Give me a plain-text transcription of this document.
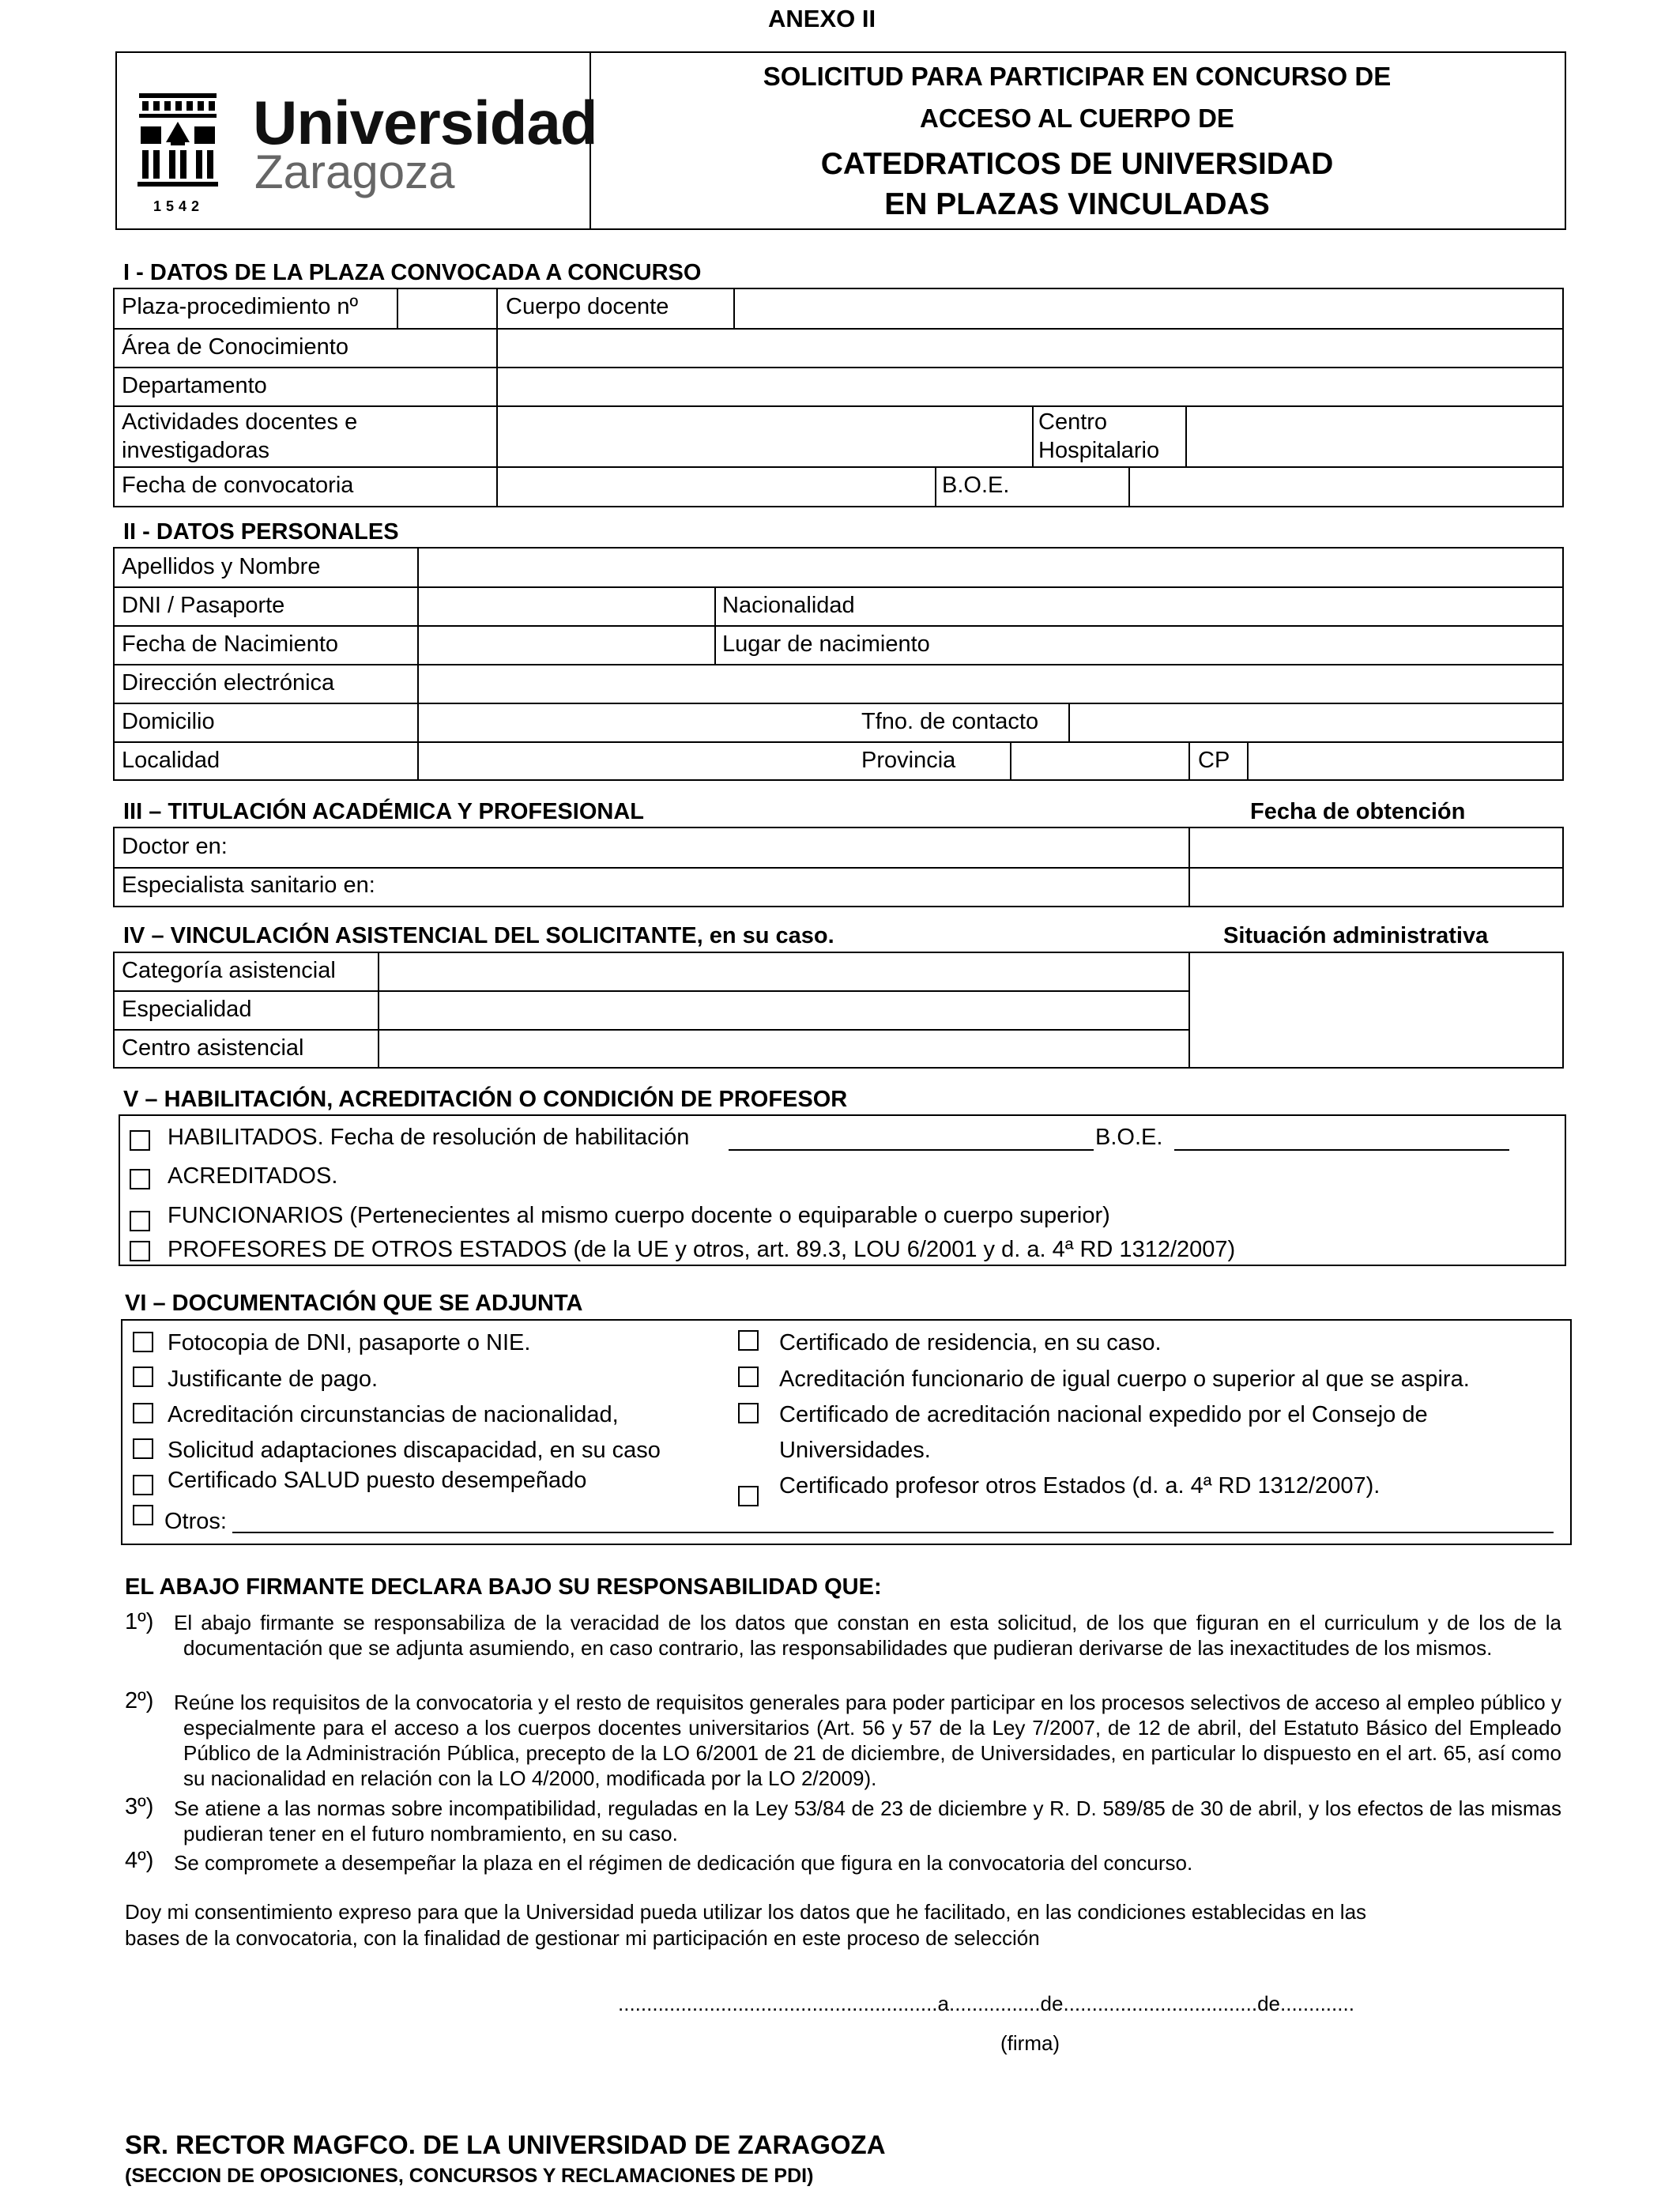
ANEXO II
Universidad
Zaragoza
1542
SOLICITUD PARA PARTICIPAR EN CONCURSO DE
ACCESO AL CUERPO DE
CATEDRATICOS DE UNIVERSIDAD
EN PLAZAS VINCULADAS
I - DATOS DE LA PLAZA CONVOCADA A CONCURSO
Plaza-procedimiento nº	Cuerpo docente
Área de Conocimiento
Departamento
Actividades docentes e
investigadoras
Centro
Hospitalario
Fecha de convocatoria	B.O.E.
II - DATOS PERSONALES
Apellidos y Nombre
DNI / Pasaporte	Nacionalidad
Fecha de Nacimiento	Lugar de nacimiento
Dirección electrónica
Domicilio	Tfno. de contacto
Localidad	Provincia	CP
III – TITULACIÓN ACADÉMICA Y PROFESIONAL	Fecha de obtención
Doctor en:
Especialista sanitario en:
IV – VINCULACIÓN ASISTENCIAL DEL SOLICITANTE, en su caso.	Situación administrativa
Categoría asistencial
Especialidad
Centro asistencial
V – HABILITACIÓN, ACREDITACIÓN O CONDICIÓN DE PROFESOR
HABILITADOS. Fecha de resolución de habilitación	B.O.E.
ACREDITADOS.
FUNCIONARIOS (Pertenecientes al mismo cuerpo docente o equiparable o cuerpo superior)
PROFESORES DE OTROS ESTADOS (de la UE y otros, art. 89.3, LOU 6/2001 y d. a. 4ª RD 1312/2007)
VI – DOCUMENTACIÓN QUE SE ADJUNTA
Fotocopia de DNI, pasaporte o NIE.
Justificante de pago.
Acreditación circunstancias de nacionalidad,
Solicitud adaptaciones discapacidad, en su caso
Certificado SALUD puesto desempeñado
Otros:
Certificado de residencia, en su caso.
Acreditación funcionario de igual cuerpo o superior al que se aspira.
Certificado de acreditación nacional expedido por el Consejo de
Universidades.
Certificado profesor otros Estados (d. a. 4ª RD 1312/2007).
EL ABAJO FIRMANTE DECLARA BAJO SU RESPONSABILIDAD QUE:
1º) El abajo firmante se responsabiliza de la veracidad de los datos que constan en esta solicitud, de los que figuran en el curriculum y de los de la documentación que se adjunta asumiendo, en caso contrario, las responsabilidades que pudieran derivarse de las inexactitudes de los mismos.
2º) Reúne los requisitos de la convocatoria y el resto de requisitos generales para poder participar en los procesos selectivos de acceso al empleo público y especialmente para el acceso a los cuerpos docentes universitarios (Art. 56 y 57 de la Ley 7/2007, de 12 de abril, del Estatuto Básico del Empleado Público de la Administración Pública, precepto de la LO 6/2001 de 21 de diciembre, de Universidades, en particular lo dispuesto en el art. 65, así como su nacionalidad en relación con la LO 4/2000, modificada por la LO 2/2009).
3º) Se atiene a las normas sobre incompatibilidad, reguladas en la Ley 53/84 de 23 de diciembre y R. D. 589/85 de 30 de abril, y los efectos de las mismas pudieran tener en el futuro nombramiento, en su caso.
4º) Se compromete a desempeñar la plaza en el régimen de dedicación que figura en la convocatoria del concurso.
Doy mi consentimiento expreso para que la Universidad pueda utilizar los datos que he facilitado, en las condiciones establecidas en las
bases de la convocatoria, con la finalidad de gestionar mi participación en este proceso de selección
........................................................a................de..................................de.............
(firma)
SR. RECTOR MAGFCO. DE LA UNIVERSIDAD DE ZARAGOZA
(SECCION DE OPOSICIONES, CONCURSOS Y RECLAMACIONES DE PDI)
